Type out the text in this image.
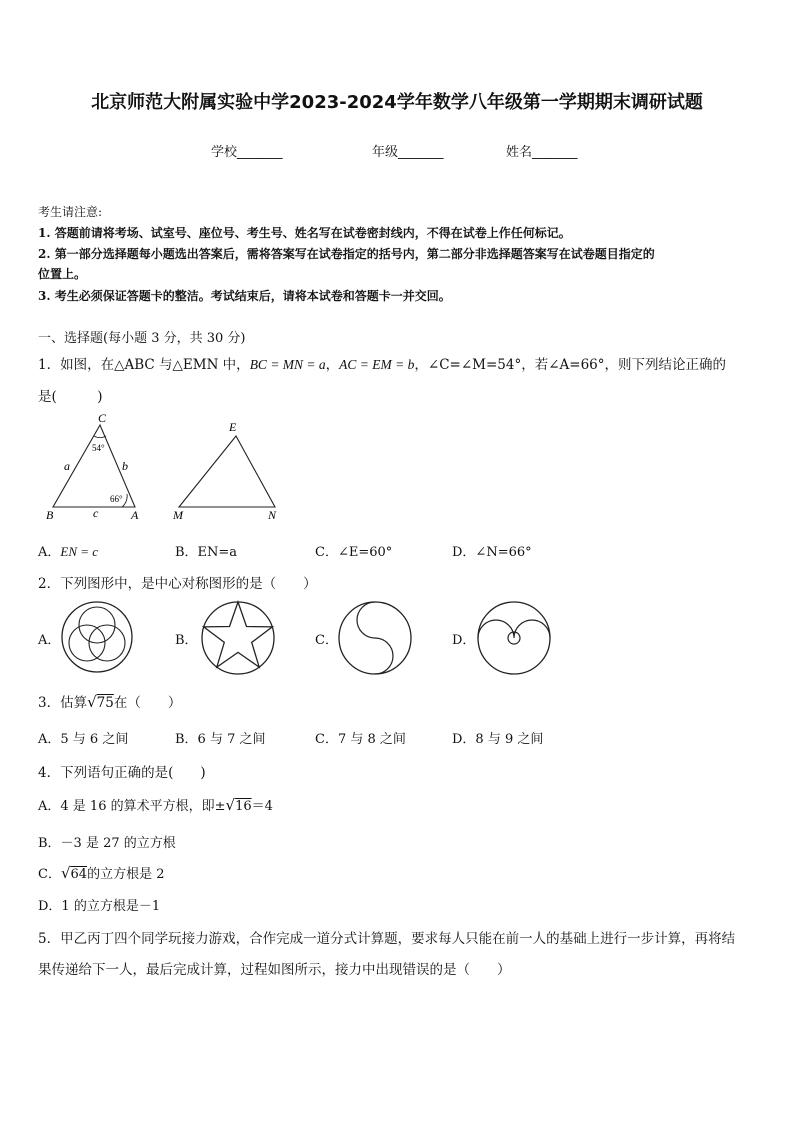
北京师范大附属实验中学2023-2024学年数学八年级第一学期期末调研试题
学校_______	年级_______	姓名_______
考生请注意:
1. 答题前请将考场、试室号、座位号、考生号、姓名写在试卷密封线内，不得在试卷上作任何标记。
2. 第一部分选择题每小题选出答案后，需将答案写在试卷指定的括号内，第二部分非选择题答案写在试卷题目指定的
位置上。
3. 考生必须保证答题卡的整洁。考试结束后，请将本试卷和答题卡一并交回。
一、选择题(每小题 3 分，共 30 分)
1．如图，在△ABC 与△EMN 中，BC = MN = a，AC = EM = b，∠C=∠M=54°，若∠A=66°，则下列结论正确的
是(　　　)
C
54°
a	b
66°
c
B	A
E
M	N
A．EN = c	B．EN=a	C．∠E=60°	D．∠N=66°
2．下列图形中，是中心对称图形的是（　　）
A．	B．	C．	D．
3．估算√75在（　　）
A．5 与 6 之间	B．6 与 7 之间	C．7 与 8 之间	D．8 与 9 之间
4．下列语句正确的是(　　)
A．4 是 16 的算术平方根，即±√16＝4
B．－3 是 27 的立方根
C．√64的立方根是 2
D．1 的立方根是－1
5．甲乙丙丁四个同学玩接力游戏，合作完成一道分式计算题，要求每人只能在前一人的基础上进行一步计算，再将结
果传递给下一人，最后完成计算，过程如图所示，接力中出现错误的是（　　）
